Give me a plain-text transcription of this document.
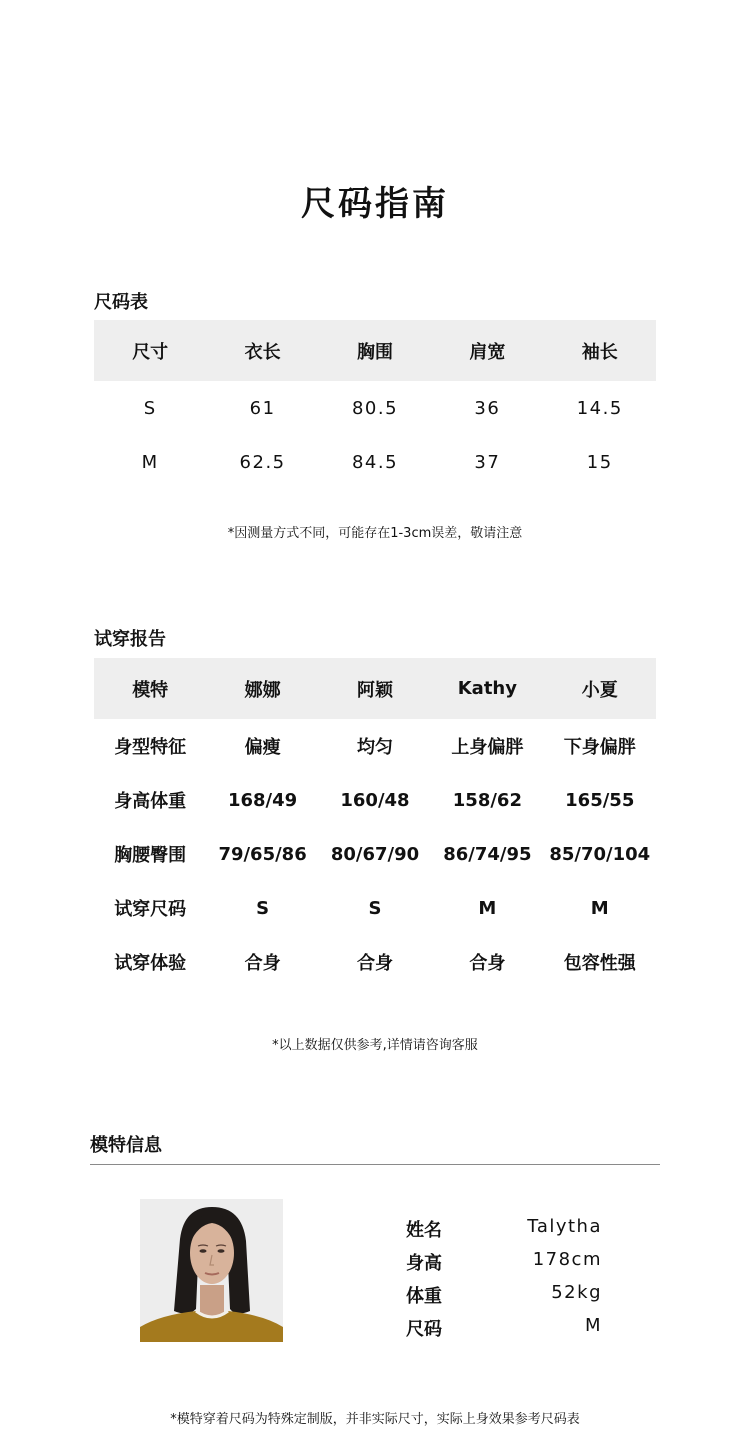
尺码指南
尺码表
尺寸	衣长	胸围	肩宽	袖长
S	61	80.5	36	14.5
M	62.5	84.5	37	15
*因测量方式不同，可能存在1-3cm误差，敬请注意
试穿报告
模特	娜娜	阿颖	Kathy	小夏
身型特征	偏瘦	均匀	上身偏胖	下身偏胖
身高体重	168/49	160/48	158/62	165/55
胸腰臀围	79/65/86	80/67/90	86/74/95 85/70/104
试穿尺码	S	S	M	M
试穿体验	合身	合身	合身	包容性强
*以上数据仅供参考,详情请咨询客服
模特信息
姓名	Talytha
身高	178cm
体重	52kg
尺码	M
*模特穿着尺码为特殊定制版，并非实际尺寸，实际上身效果参考尺码表
